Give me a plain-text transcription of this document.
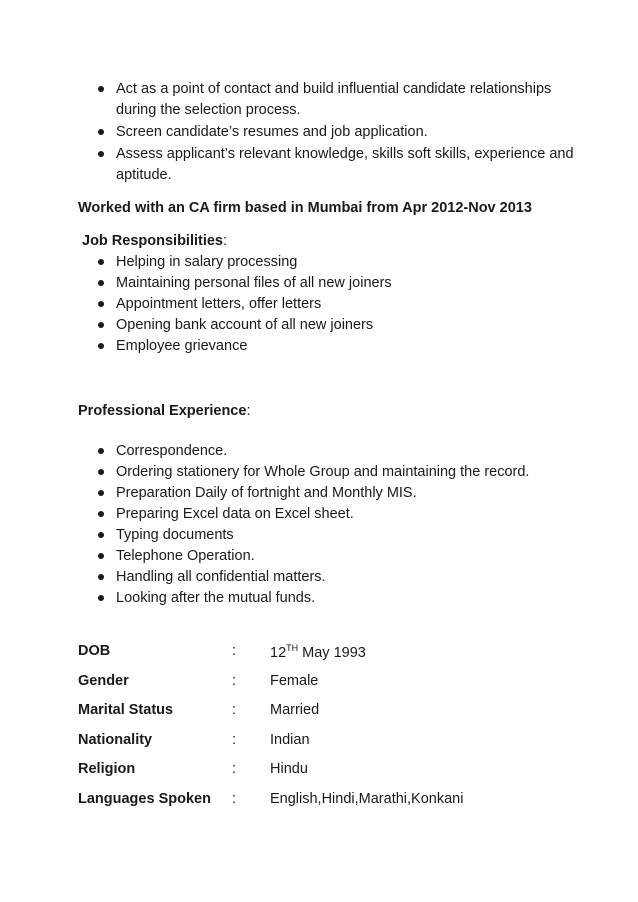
Act as a point of contact and build influential candidate relationships during the selection process.
Screen candidate’s resumes and job application.
Assess applicant’s relevant knowledge, skills soft skills, experience and aptitude.
Worked with an CA firm based in Mumbai from Apr 2012-Nov 2013
Job Responsibilities:
Helping in salary processing
Maintaining personal files of all new joiners
Appointment letters, offer letters
Opening bank account of all new joiners
Employee grievance
Professional Experience:
Correspondence.
Ordering stationery for Whole Group and maintaining the record.
Preparation Daily of fortnight and Monthly MIS.
Preparing Excel data on Excel sheet.
Typing documents
Telephone Operation.
Handling all confidential matters.
Looking after the mutual funds.
DOB	: 12TH May 1993
Gender	: Female
Marital Status	: Married
Nationality	: Indian
Religion	: Hindu
Languages Spoken : English,Hindi,Marathi,Konkani
